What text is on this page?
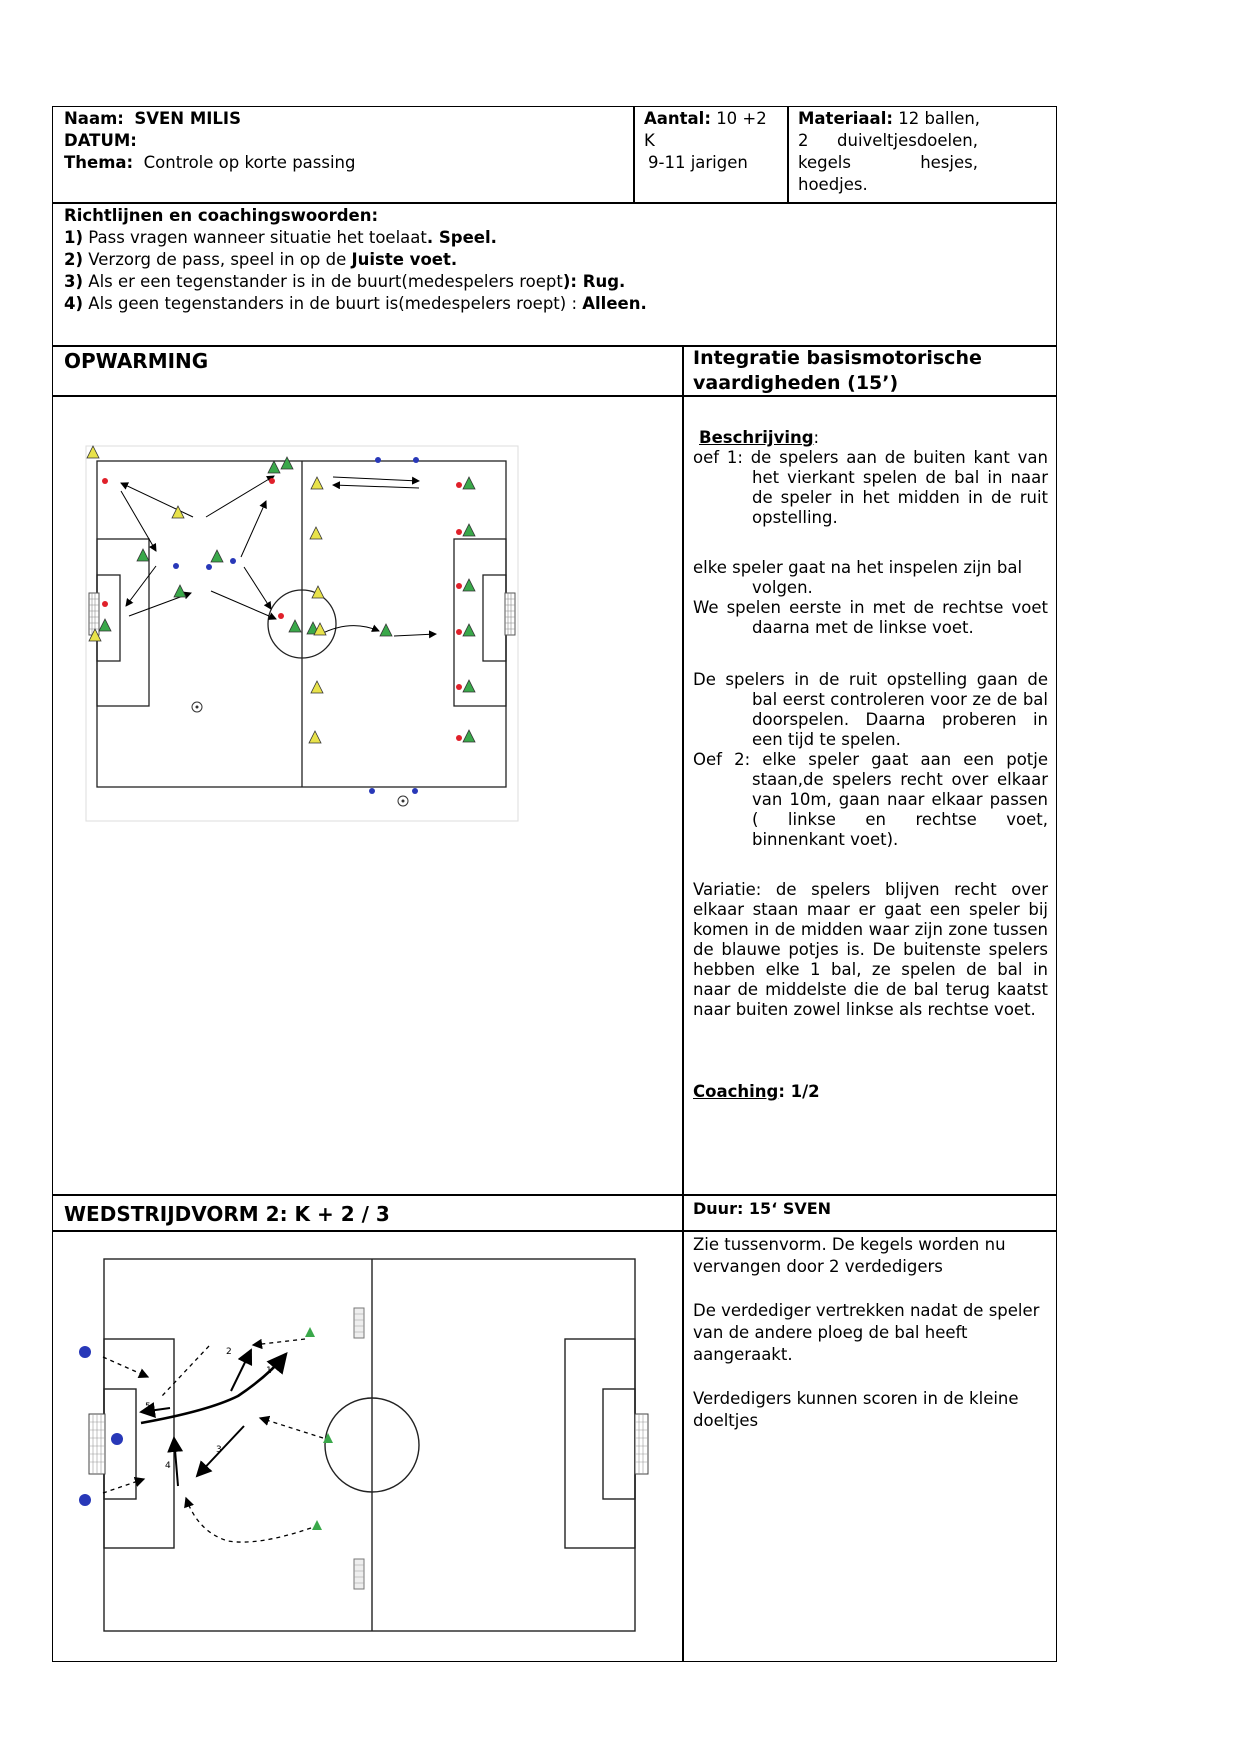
Naam: SVEN MILIS
DATUM:
Thema: Controle op korte passing
Aantal: 10 +2
K
9-11 jarigen
Materiaal: 12 ballen,
2 duiveltjesdoelen,
kegels	hesjes,
hoedjes.
Richtlijnen en coachingswoorden:
1) Pass vragen wanneer situatie het toelaat. Speel.
2) Verzorg de pass, speel in op de Juiste voet.
3) Als er een tegenstander is in de buurt(medespelers roept): Rug.
4) Als geen tegenstanders in de buurt is(medespelers roept) : Alleen.
OPWARMING	Integratie basismotorische
vaardigheden (15’)
Beschrijving:
oef 1: de spelers aan de buiten kant van het vierkant spelen de bal in naar de speler in het midden in de ruit opstelling.
elke speler gaat na het inspelen zijn bal volgen.
We spelen eerste in met de rechtse voet daarna met de linkse voet.
De spelers in de ruit opstelling gaan de bal eerst controleren voor ze de bal doorspelen. Daarna proberen in een tijd te spelen.
Oef 2: elke speler gaat aan een potje staan,de spelers recht over elkaar van 10m, gaan naar elkaar passen ( linkse en rechtse voet, binnenkant voet).
Variatie: de spelers blijven recht over elkaar staan maar er gaat een speler bij komen in de midden waar zijn zone tussen de blauwe potjes is. De buitenste spelers hebben elke 1 bal, ze spelen de bal in naar de middelste die de bal terug kaatst naar buiten zowel linkse als rechtse voet.
Coaching: 1/2
WEDSTRIJDVORM 2: K + 2 / 3	Duur: 15‘ SVEN
1
2
3
4
5
Zie tussenvorm. De kegels worden nu
vervangen door 2 verdedigers
De verdediger vertrekken nadat de speler
van de andere ploeg de bal heeft
aangeraakt.
Verdedigers kunnen scoren in de kleine
doeltjes
